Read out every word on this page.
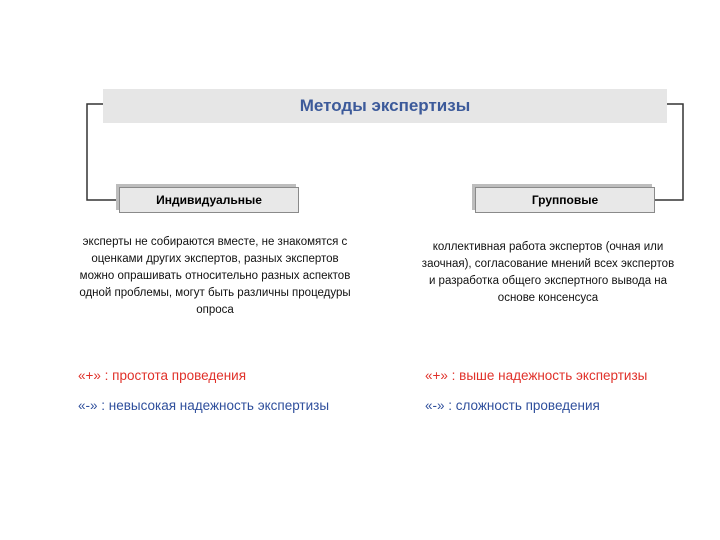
Методы экспертизы
Индивидуальные	Групповые
эксперты не собираются вместе, не знакомятся с оценками других экспертов, разных экспертов можно опрашивать относительно разных аспектов одной проблемы, могут быть различны процедуры опроса
коллективная работа экспертов (очная или заочная), согласование мнений всех экспертов и разработка общего экспертного вывода на основе консенсуса
«+» : простота проведения
«-» : невысокая надежность экспертизы
«+» : выше надежность экспертизы
«-» : сложность проведения
